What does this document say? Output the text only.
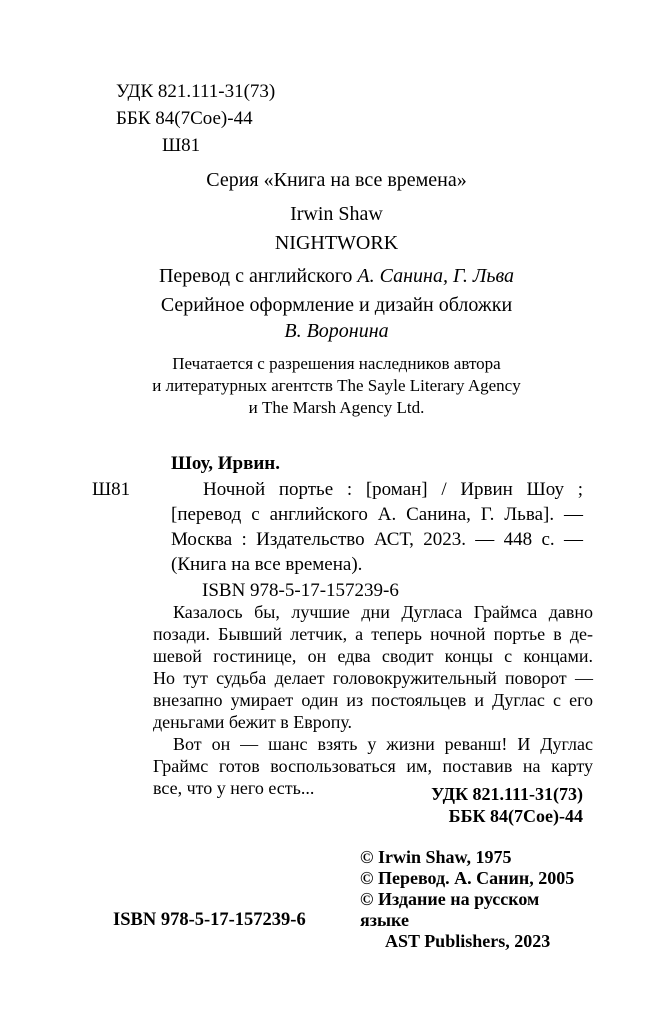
УДК 821.111-31(73)
ББК 84(7Сое)-44
Ш81
Серия «Книга на все времена»
Irwin Shaw
NIGHTWORK
Перевод с английского А. Санина, Г. Льва
Серийное оформление и дизайн обложки
В. Воронина
Печатается с разрешения наследников автора
и литературных агентств The Sayle Literary Agency
и The Marsh Agency Ltd.
Шоу, Ирвин.
Ш81	Ночной портье : [роман] / Ирвин Шоу ;
[перевод с английского А. Санина, Г. Льва]. —
Москва : Издательство АСТ, 2023. — 448 с. —
(Книга на все времена).
ISBN 978-5-17-157239-6
Казалось бы, лучшие дни Дугласа Граймса давно
позади. Бывший летчик, а теперь ночной портье в де-
шевой гостинице, он едва сводит концы с концами.
Но тут судьба делает головокружительный поворот —
внезапно умирает один из постояльцев и Дуглас с его
деньгами бежит в Европу.
Вот он — шанс взять у жизни реванш! И Дуглас
Граймс готов воспользоваться им, поставив на карту
все, что у него есть...	УДК 821.111-31(73)
ББК 84(7Сое)-44
ISBN 978-5-17-157239-6
© Irwin Shaw, 1975
© Перевод. А. Санин, 2005
© Издание на русском языке
AST Publishers, 2023
